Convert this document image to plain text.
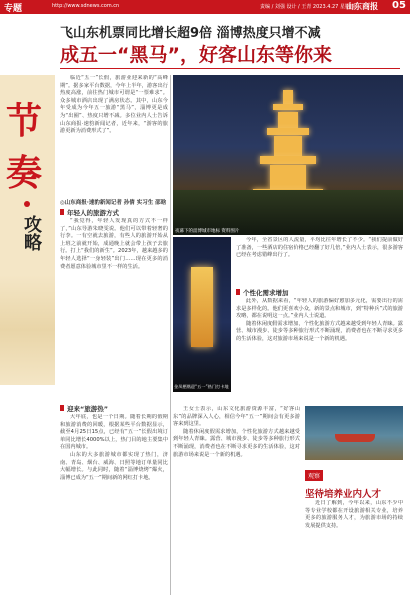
专题	http://www.sdnews.com.cn	责编 / 刘强 设计 / 王青 2023.4.27 星期四
山东商报 05
飞山东机票同比增长超9倍 淄博热度只增不减
成五一“黑马”，好客山东等你来
节
奏
攻略

临近“五一”长假，旅游业迎来新的“高峰期”。据多家平台数据，今年上半年，游客出行热度高涨，前往热门城市可谓是“一票难求”。众多城市酒店出现了满房状态。其中，山东今年受成为今年五一旅游“黑马”，淄博更是成为“出圈”、热度只增不减。多位业内人士告诉山东商报·速豹新闻记者，近年来，“游客的旅游更新为消费形式了”。

◎山东商报·速豹新闻记者 孙倩 实习生 邵晗
年轻人的旅游方式

“我觉得，年轻人发现真的方式不一样了，”山东导游朱晓雯说。他们可以带着轻奢的行李。一有空就去旅游，有些人的旅游开始从上班之前就开始，成通晚上就会带上孩子去旅行。打上“我们的新生”。2023年，越来越多的年轻人选择“一身轻装”出门……现在更多的消费者愿意体验城市里不一样的生活。

迎来“旅游热”

大年底，也是一个日期。随着长期的假期和旅游消费的回暖，根据某些平台数据显示，截至4月25日15点，已经有“五一”长假出境订单同比增长4000%以上，热门目的地主要集中在国内城市。

山东的大多旅游城市都实现了热门，济南、青岛、烟台、威海、日照等地订单量同比大幅增长。与此同时，随着“淄博烧烤”爆火，淄博已成为“五一”期间新的网红打卡地。

夜幕下的淄博城市地标 资料图片
金凤栖凰迎“五一”热门打卡地

今年，全省景区的人流量，平均比往年增长了不少。“我们提前做好了准备，一些酒店的住宿价格已经翻了好几倍，”业内人士表示，很多游客已经在考虑错峰出行了。

个性化需求增加

此外，从数据来看，“年轻人的旅游偏好愈加多元化，需要出行的需求是多样化的。他们更喜欢小众，新的景点和城市，到“特种兵”式的旅游攻略，都在说明这一点。”业内人士说道。

随着休闲度假需求增加，个性化旅游方式越来越受到年轻人青睐。露营、城市漫步、徒步等多种旅行形式不断涌现，消费者也在不断寻求更多的生活体验，这对旅游市场来说是一个新的机遇。

王女士表示，山东文化旅游资源丰富，“好客山东”的品牌深入人心，相信今年“五一”期间会有更多游客来到这里。

随着休闲度假需求增加，个性化旅游方式越来越受到年轻人青睐。露营、城市漫步、徒步等多种旅行形式不断涌现，消费者也在不断寻求更多的生活体验，这对旅游市场来说是一个新的机遇。

观察
坚待培养业内人才

近日了解到，今年以来，山东不少中等专业学校都在开设旅游相关专业，培养更多的旅游服务人才，为旅游市场的持续发展提供支持。
